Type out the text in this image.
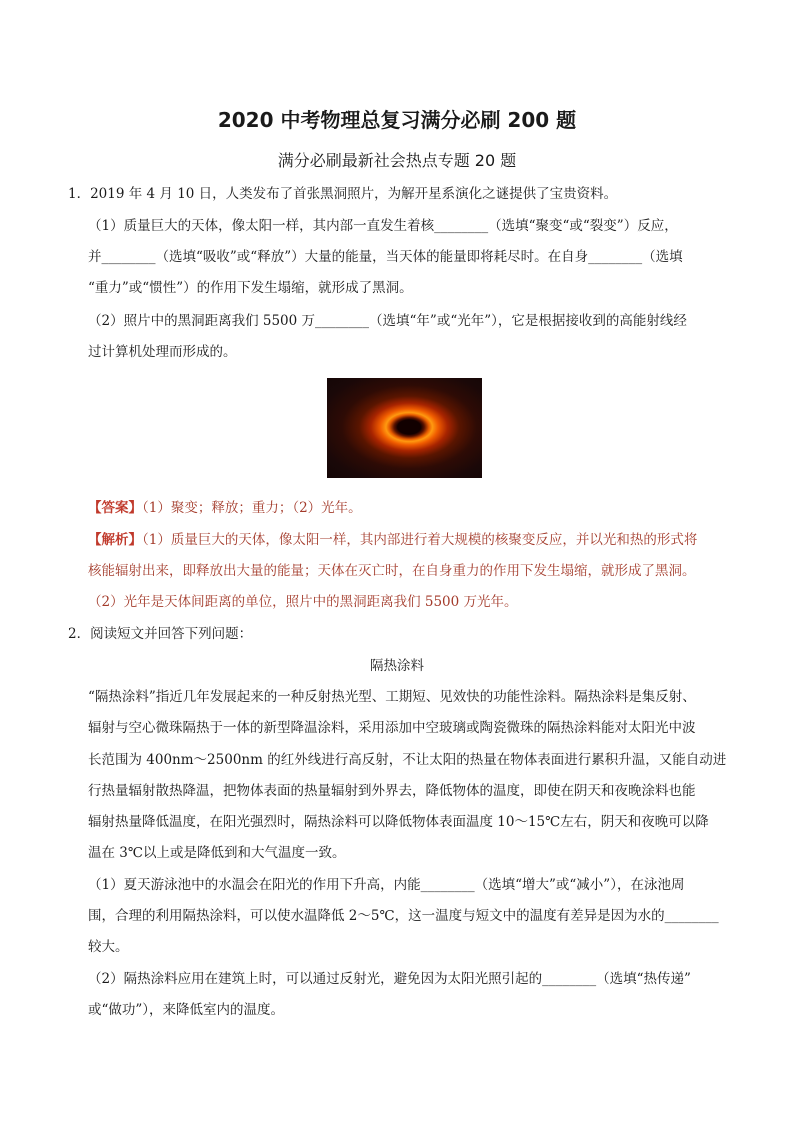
2020 中考物理总复习满分必刷 200 题
满分必刷最新社会热点专题 20 题
1．2019 年 4 月 10 日，人类发布了首张黑洞照片，为解开星系演化之谜提供了宝贵资料。
（1）质量巨大的天体，像太阳一样，其内部一直发生着核________（选填“聚变“或“裂变”）反应，
并________（选填“吸收”或“释放”）大量的能量，当天体的能量即将耗尽时。在自身________（选填
“重力”或“惯性”）的作用下发生塌缩，就形成了黑洞。
（2）照片中的黑洞距离我们 5500 万________（选填“年”或“光年”），它是根据接收到的高能射线经
过计算机处理而形成的。
【答案】（1）聚变；释放；重力；（2）光年。
【解析】（1）质量巨大的天体，像太阳一样，其内部进行着大规模的核聚变反应，并以光和热的形式将
核能辐射出来，即释放出大量的能量；天体在灭亡时，在自身重力的作用下发生塌缩，就形成了黑洞。
（2）光年是天体间距离的单位，照片中的黑洞距离我们 5500 万光年。
2．阅读短文并回答下列问题：
隔热涂料
“隔热涂料”指近几年发展起来的一种反射热光型、工期短、见效快的功能性涂料。隔热涂料是集反射、
辐射与空心微珠隔热于一体的新型降温涂料，采用添加中空玻璃或陶瓷微珠的隔热涂料能对太阳光中波
长范围为 400nm～2500nm 的红外线进行高反射，不让太阳的热量在物体表面进行累积升温，又能自动进
行热量辐射散热降温，把物体表面的热量辐射到外界去，降低物体的温度，即使在阴天和夜晚涂料也能
辐射热量降低温度，在阳光强烈时，隔热涂料可以降低物体表面温度 10～15℃左右，阴天和夜晚可以降
温在 3℃以上或是降低到和大气温度一致。
（1）夏天游泳池中的水温会在阳光的作用下升高，内能________（选填“增大”或“减小”），在泳池周
围，合理的利用隔热涂料，可以使水温降低 2～5℃，这一温度与短文中的温度有差异是因为水的________
较大。
（2）隔热涂料应用在建筑上时，可以通过反射光，避免因为太阳光照引起的________（选填“热传递”
或“做功”），来降低室内的温度。
